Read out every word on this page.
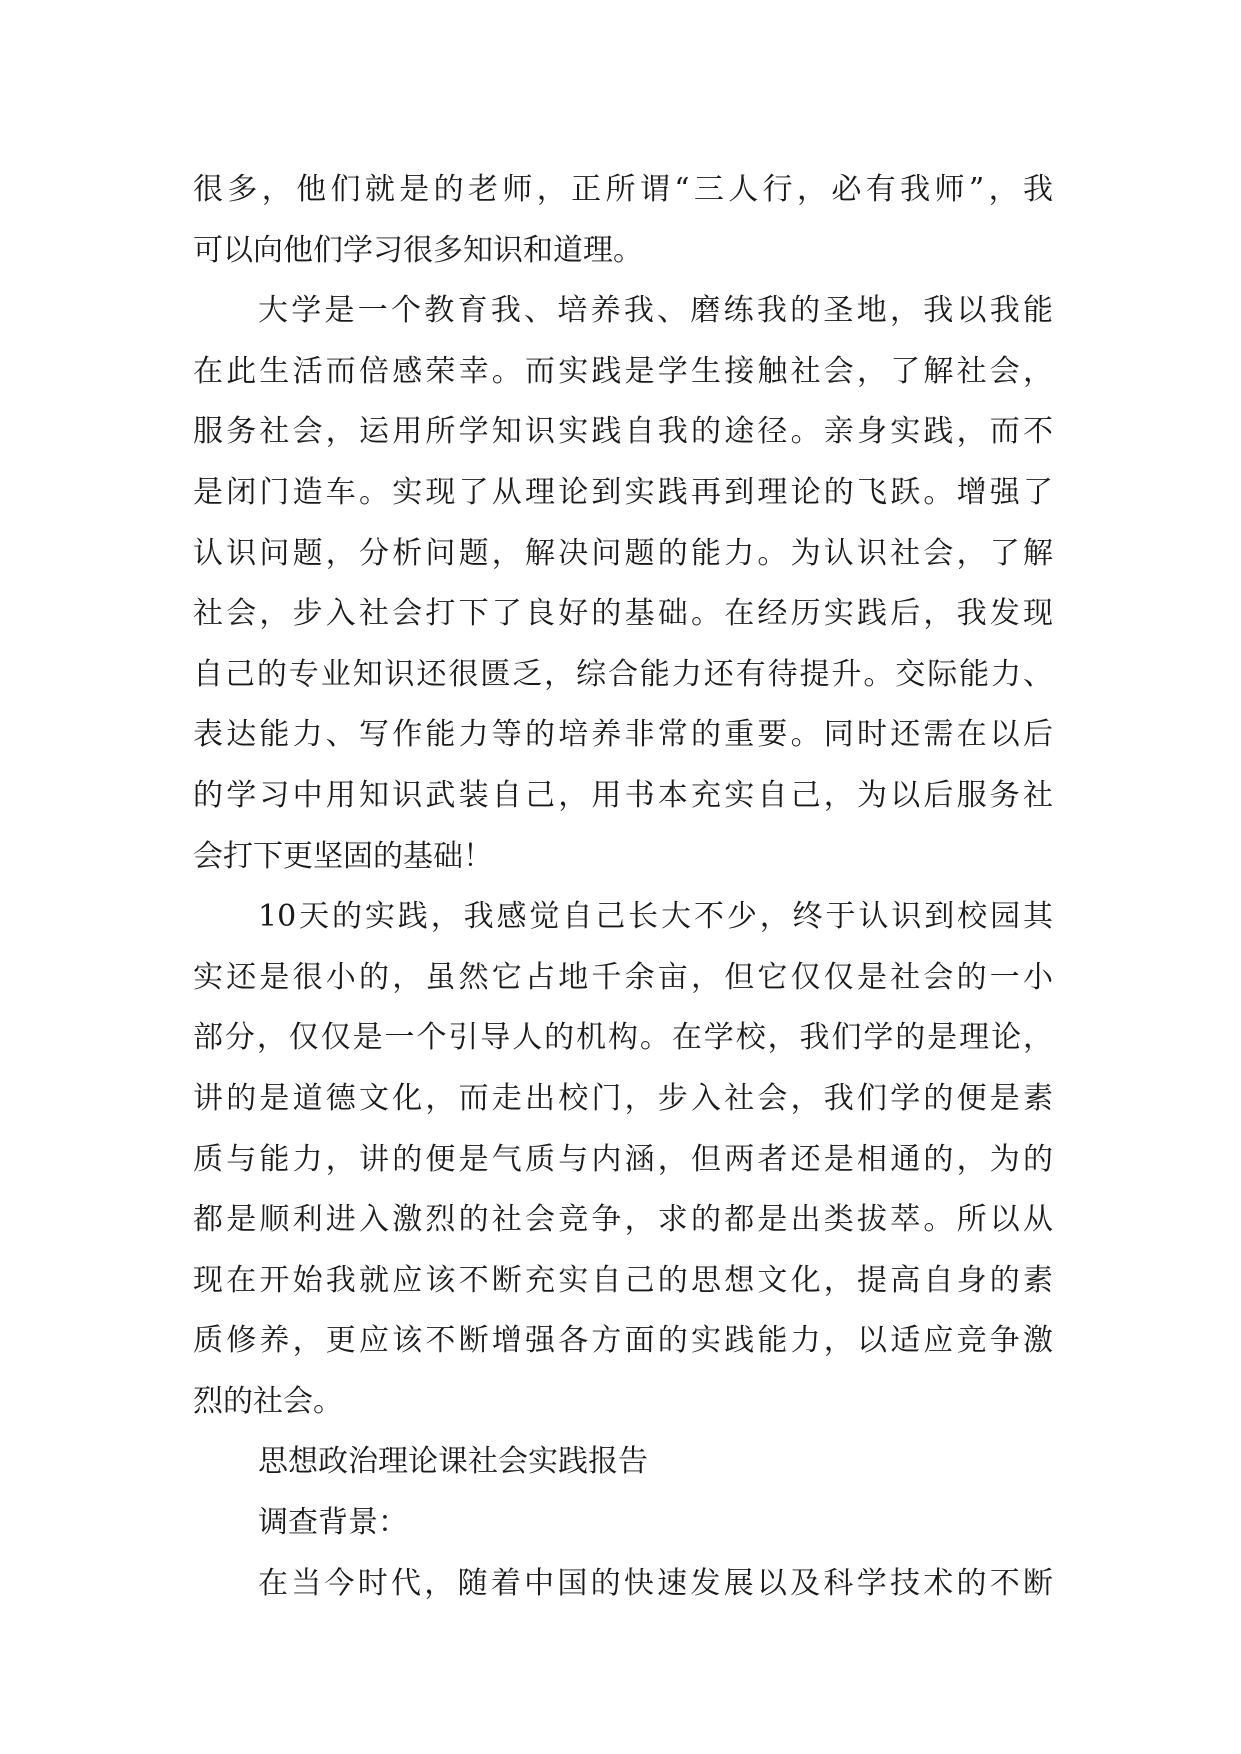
很多，他们就是的老师，正所谓“三人行，必有我师”，我
可以向他们学习很多知识和道理。
大学是一个教育我、培养我、磨练我的圣地，我以我能
在此生活而倍感荣幸。而实践是学生接触社会，了解社会，
服务社会，运用所学知识实践自我的途径。亲身实践，而不
是闭门造车。实现了从理论到实践再到理论的飞跃。增强了
认识问题，分析问题，解决问题的能力。为认识社会，了解
社会，步入社会打下了良好的基础。在经历实践后，我发现
自己的专业知识还很匮乏，综合能力还有待提升。交际能力、
表达能力、写作能力等的培养非常的重要。同时还需在以后
的学习中用知识武装自己，用书本充实自己，为以后服务社
会打下更坚固的基础！
10天的实践，我感觉自己长大不少，终于认识到校园其
实还是很小的，虽然它占地千余亩，但它仅仅是社会的一小
部分，仅仅是一个引导人的机构。在学校，我们学的是理论，
讲的是道德文化，而走出校门，步入社会，我们学的便是素
质与能力，讲的便是气质与内涵，但两者还是相通的，为的
都是顺利进入激烈的社会竞争，求的都是出类拔萃。所以从
现在开始我就应该不断充实自己的思想文化，提高自身的素
质修养，更应该不断增强各方面的实践能力，以适应竞争激
烈的社会。
思想政治理论课社会实践报告
调查背景：
在当今时代，随着中国的快速发展以及科学技术的不断
